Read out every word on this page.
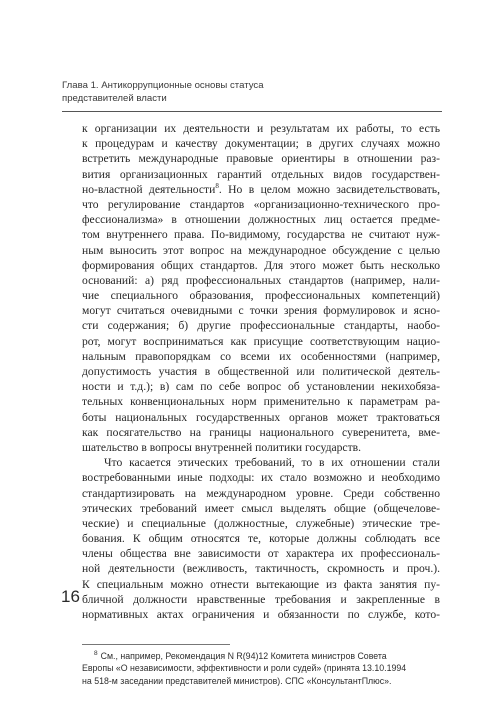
Глава 1. Антикоррупционные основы статуса
представителей власти
к организации их деятельности и результатам их работы, то есть
к процедурам и качеству документации; в других случаях можно
встретить международные правовые ориентиры в отношении раз-
вития организационных гарантий отдельных видов государствен-
но-властной деятельности$^8$. Но в целом можно засвидетельствовать,
что регулирование стандартов «организационно-технического про-
фессионализма» в отношении должностных лиц остается предме-
том внутреннего права. По-видимому, государства не считают нуж-
ным выносить этот вопрос на международное обсуждение с целью
формирования общих стандартов. Для этого может быть несколько
оснований: а) ряд профессиональных стандартов (например, нали-
чие специального образования, профессиональных компетенций)
могут считаться очевидными с точки зрения формулировок и ясно-
сти содержания; б) другие профессиональные стандарты, наобо-
рот, могут восприниматься как присущие соответствующим нацио-
нальным правопорядкам со всеми их особенностями (например,
допустимость участия в общественной или политической деятель-
ности и т.д.); в) сам по себе вопрос об установлении некихобяза-
тельных конвенциональных норм применительно к параметрам ра-
боты национальных государственных органов может трактоваться
как посягательство на границы национального суверенитета, вме-
шательство в вопросы внутренней политики государств.
Что касается этических требований, то в их отношении стали
востребованными иные подходы: их стало возможно и необходимо
стандартизировать на международном уровне. Среди собственно
этических требований имеет смысл выделять общие (общечелове-
ческие) и специальные (должностные, служебные) этические тре-
бования. К общим относятся те, которые должны соблюдать все
члены общества вне зависимости от характера их профессиональ-
ной деятельности (вежливость, тактичность, скромность и проч.).
К специальным можно отнести вытекающие из факта занятия пу-
бличной должности нравственные требования и закрепленные в
нормативных актах ограничения и обязанности по службе, кото-
16
$^8$ См., например, Рекомендация N R(94)12 Комитета министров Совета
Европы «О независимости, эффективности и роли судей» (принята 13.10.1994
на 518-м заседании представителей министров). СПС «КонсультантПлюс».
